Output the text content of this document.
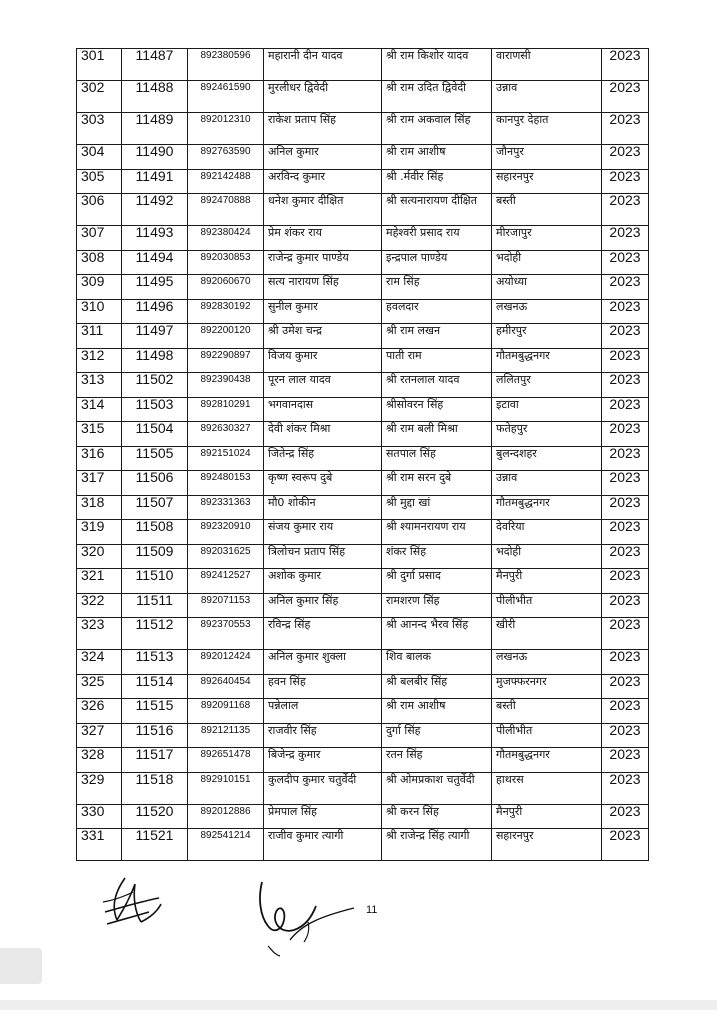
301	11487	892380596	महारानी दीन यादव	श्री राम किशोर यादव	वाराणसी	2023
302	11488	892461590	मुरलीधर द्विवेदी	श्री राम उदित द्विवेदी	उन्नाव	2023
303	11489	892012310	राकेश प्रताप सिंह	श्री राम अकवाल सिंह	कानपुर देहात	2023
304	11490	892763590	अनिल कुमार	श्री राम आशीष	जौनपुर	2023
305	11491	892142488	अरविन्द कुमार	श्री .र्मवीर सिंह	सहारनपुर	2023
306	11492	892470888	धनेश कुमार दीक्षित	श्री सत्यनारायण दीक्षित	बस्ती	2023
307	11493	892380424	प्रेम शंकर राय	महेश्वरी प्रसाद राय	मीरजापुर	2023
308	11494	892030853	राजेन्द्र कुमार पाण्डेय	इन्द्रपाल पाण्डेय	भदोही	2023
309	11495	892060670	सत्य नारायण सिंह	राम सिंह	अयोध्या	2023
310	11496	892830192	सुनील कुमार	हवलदार	लखनऊ	2023
311	11497	892200120	श्री उमेश चन्द्र	श्री राम लखन	हमीरपुर	2023
312	11498	892290897	विजय कुमार	पाती राम	गौतमबुद्धनगर	2023
313	11502	892390438	पूरन लाल यादव	श्री रतनलाल यादव	ललितपुर	2023
314	11503	892810291	भगवानदास	श्रीसोवरन सिंह	इटावा	2023
315	11504	892630327	देवी शंकर मिश्रा	श्री राम बली मिश्रा	फतेहपुर	2023
316	11505	892151024	जितेन्द्र सिंह	सतपाल सिंह	बुलन्दशहर	2023
317	11506	892480153	कृष्ण स्वरूप दुबे	श्री राम सरन दुबे	उन्नाव	2023
318	11507	892331363	मौ0 शोकीन	श्री मुद्दा खां	गौतमबुद्धनगर	2023
319	11508	892320910	संजय कुमार राय	श्री श्यामनरायण राय	देवरिया	2023
320	11509	892031625	त्रिलोचन प्रताप सिंह	शंकर सिंह	भदोही	2023
321	11510	892412527	अशोक कुमार	श्री दुर्गा प्रसाद	मैनपुरी	2023
322	11511	892071153	अनिल कुमार सिंह	रामशरण सिंह	पीलीभीत	2023
323	11512	892370553	रविन्द्र सिंह	श्री आनन्द भैरव सिंह	खीरी	2023
324	11513	892012424	अनिल कुमार शुक्ला	शिव बालक	लखनऊ	2023
325	11514	892640454	हवन सिंह	श्री बलबीर सिंह	मुजफ्फरनगर	2023
326	11515	892091168	पन्नेलाल	श्री राम आशीष	बस्ती	2023
327	11516	892121135	राजवीर सिंह	दुर्गा सिंह	पीलीभीत	2023
328	11517	892651478	बिजेन्द्र कुमार	रतन सिंह	गौतमबुद्धनगर	2023
329	11518	892910151	कुलदीप कुमार चतुर्वेदी	श्री ओमप्रकाश चतुर्वेदी	हाथरस	2023
330	11520	892012886	प्रेमपाल सिंह	श्री करन सिंह	मैनपुरी	2023
331	11521	892541214	राजीव कुमार त्यागी	श्री राजेन्द्र सिंह त्यागी	सहारनपुर	2023
11
